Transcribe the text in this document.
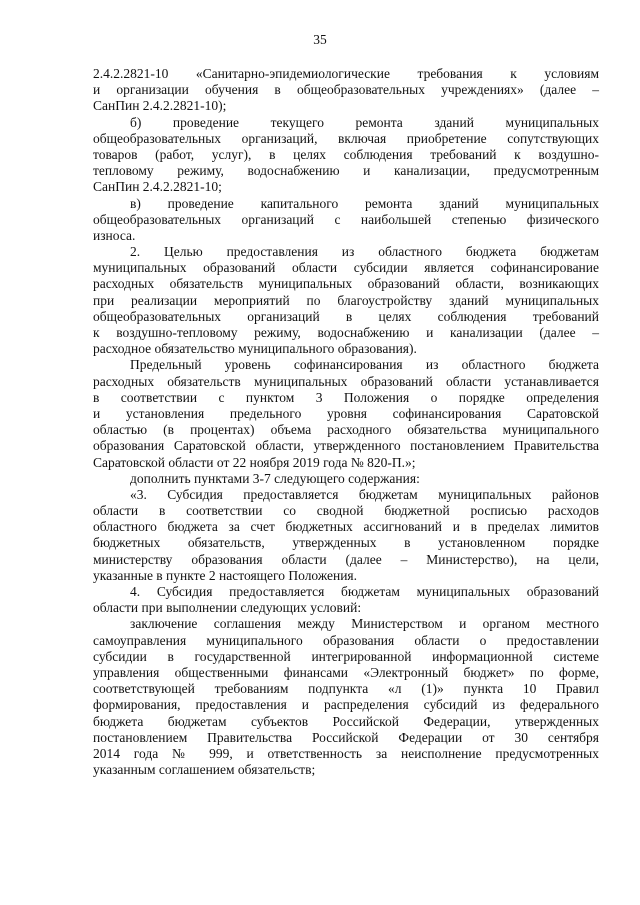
35
2.4.2.2821-10 «Санитарно-эпидемиологические требования к условиям
и организации обучения в общеобразовательных учреждениях» (далее –
СанПин 2.4.2.2821-10);
б) проведение текущего ремонта зданий муниципальных
общеобразовательных организаций, включая приобретение сопутствующих
товаров (работ, услуг), в целях соблюдения требований к воздушно-
тепловому режиму, водоснабжению и канализации, предусмотренным
СанПин 2.4.2.2821-10;
в) проведение капитального ремонта зданий муниципальных
общеобразовательных организаций с наибольшей степенью физического
износа.
2. Целью предоставления из областного бюджета бюджетам
муниципальных образований области субсидии является софинансирование
расходных обязательств муниципальных образований области, возникающих
при реализации мероприятий по благоустройству зданий муниципальных
общеобразовательных организаций в целях соблюдения требований
к воздушно-тепловому режиму, водоснабжению и канализации (далее –
расходное обязательство муниципального образования).
Предельный уровень софинансирования из областного бюджета
расходных обязательств муниципальных образований области устанавливается
в соответствии с пунктом 3 Положения о порядке определения
и установления предельного уровня софинансирования Саратовской
областью (в процентах) объема расходного обязательства муниципального
образования Саратовской области, утвержденного постановлением Правительства
Саратовской области от 22 ноября 2019 года № 820-П.»;
дополнить пунктами 3-7 следующего содержания:
«3. Субсидия предоставляется бюджетам муниципальных районов
области в соответствии со сводной бюджетной росписью расходов
областного бюджета за счет бюджетных ассигнований и в пределах лимитов
бюджетных обязательств, утвержденных в установленном порядке
министерству образования области (далее – Министерство), на цели,
указанные в пункте 2 настоящего Положения.
4. Субсидия предоставляется бюджетам муниципальных образований
области при выполнении следующих условий:
заключение соглашения между Министерством и органом местного
самоуправления муниципального образования области о предоставлении
субсидии в государственной интегрированной информационной системе
управления общественными финансами «Электронный бюджет» по форме,
соответствующей требованиям подпункта «л (1)» пункта 10 Правил
формирования, предоставления и распределения субсидий из федерального
бюджета бюджетам субъектов Российской Федерации, утвержденных
постановлением Правительства Российской Федерации от 30 сентября
2014 года № 999, и ответственность за неисполнение предусмотренных
указанным соглашением обязательств;
